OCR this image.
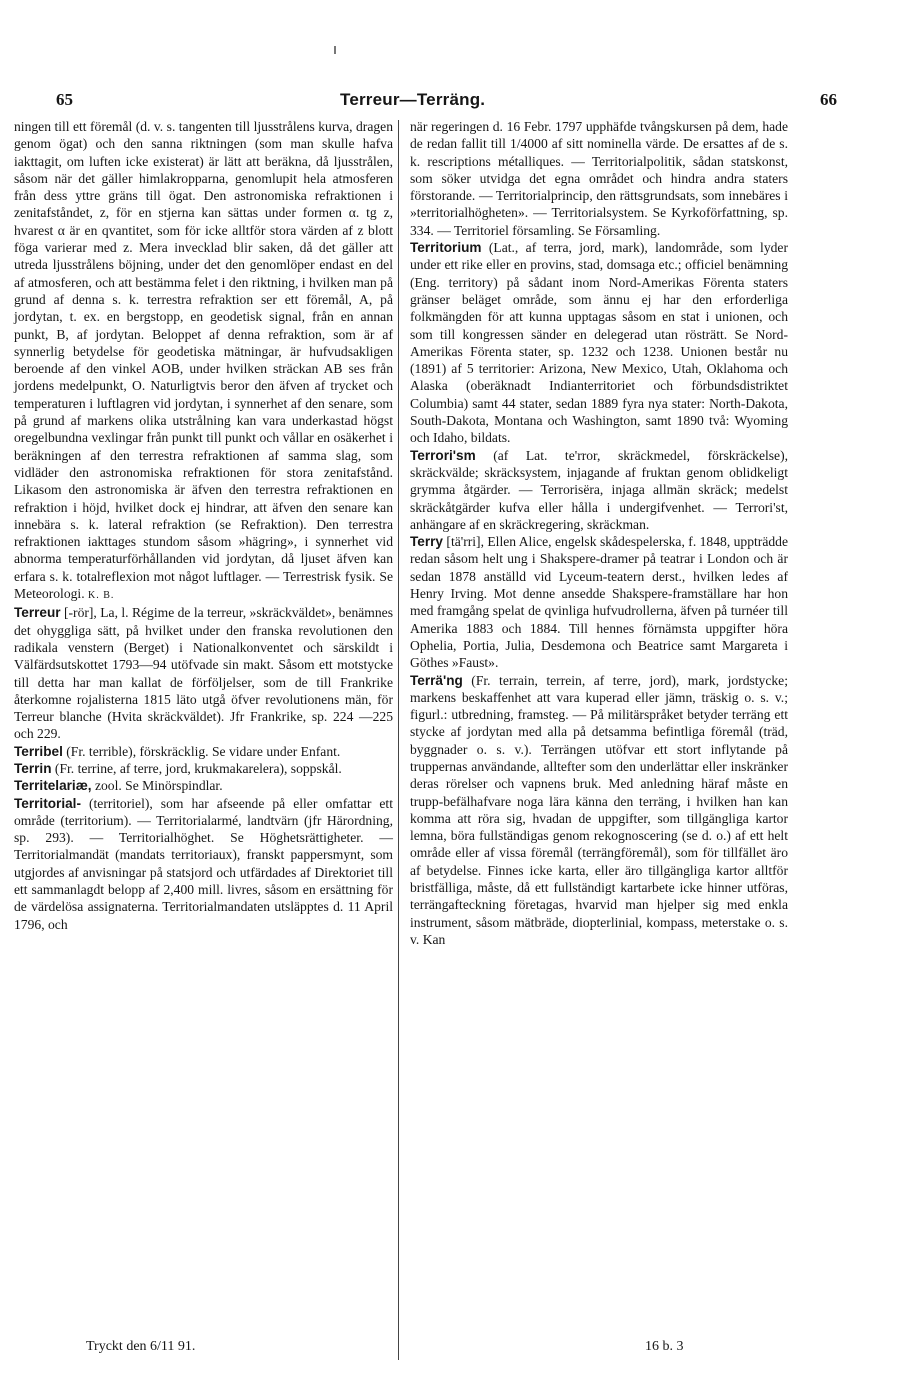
65	Terreur—Terräng.	66

ningen till ett föremål (d. v. s. tangenten till ljusstrålens kurva, dragen genom ögat) och den sanna riktningen (som man skulle hafva iakttagit, om luften icke existerat) är lätt att beräkna, då ljusstrålen, såsom när det gäller himlakropparna, genomlupit hela atmosferen från dess yttre gräns till ögat. Den astronomiska refraktionen i zenitafståndet, z, för en stjerna kan sättas under formen α. tg z, hvarest α är en qvantitet, som för icke alltför stora värden af z blott föga varierar med z. Mera invecklad blir saken, då det gäller att utreda ljusstrålens böjning, under det den genomlöper endast en del af atmosferen, och att bestämma felet i den riktning, i hvilken man på grund af denna s. k. terrestra refraktion ser ett föremål, A, på jordytan, t. ex. en bergstopp, en geodetisk signal, från en annan punkt, B, af jordytan. Beloppet af denna refraktion, som är af synnerlig betydelse för geodetiska mätningar, är hufvudsakligen beroende af den vinkel AOB, under hvilken sträckan AB ses från jordens medelpunkt, O. Naturligtvis beror den äfven af trycket och temperaturen i luftlagren vid jordytan, i synnerhet af den senare, som på grund af markens olika utstrålning kan vara underkastad högst oregelbundna vexlingar från punkt till punkt och vållar en osäkerhet i beräkningen af den terrestra refraktionen af samma slag, som vidläder den astronomiska refraktionen för stora zenitafstånd. Likasom den astronomiska är äfven den terrestra refraktionen en refraktion i höjd, hvilket dock ej hindrar, att äfven den senare kan innebära s. k. lateral refraktion (se Refraktion). Den terrestra refraktionen iakttages stundom såsom »hägring», i synnerhet vid abnorma temperaturförhållanden vid jordytan, då ljuset äfven kan erfara s. k. totalreflexion mot något luftlager. — Terrestrisk fysik. Se Meteorologi. K. B.

Terreur [-rör], La, l. Régime de la terreur, »skräckväldet», benämnes det ohyggliga sätt, på hvilket under den franska revolutionen den radikala venstern (Berget) i Nationalkonventet och särskildt i Välfärdsutskottet 1793—94 utöfvade sin makt. Såsom ett motstycke till detta har man kallat de förföljelser, som de till Frankrike återkomne rojalisterna 1815 läto utgå öfver revolutionens män, för Terreur blanche (Hvita skräckväldet). Jfr Frankrike, sp. 224 —225 och 229.

Terribel (Fr. terrible), förskräcklig. Se vidare under Enfant.

Terrin (Fr. terrine, af terre, jord, krukmakarelera), soppskål.

Territelariæ, zool. Se Minörspindlar.

Territorial- (territoriel), som har afseende på eller omfattar ett område (territorium). — Territorialarmé, landtvärn (jfr Härordning, sp. 293). — Territorialhöghet. Se Höghetsrättigheter. — Territorialmandät (mandats territoriaux), franskt pappersmynt, som utgjordes af anvisningar på statsjord och utfärdades af Direktoriet till ett sammanlagdt belopp af 2,400 mill. livres, såsom en ersättning för de värdelösa assignaterna. Territorialmandaten utsläpptes d. 11 April 1796, och

när regeringen d. 16 Febr. 1797 upphäfde tvångskursen på dem, hade de redan fallit till 1/4000 af sitt nominella värde. De ersattes af de s. k. rescriptions métalliques. — Territorialpolitik, sådan statskonst, som söker utvidga det egna området och hindra andra staters förstorande. — Territorialprincip, den rättsgrundsats, som innebäres i »territorialhögheten». — Territorialsystem. Se Kyrkoförfattning, sp. 334. — Territoriel församling. Se Församling.

Territorium (Lat., af terra, jord, mark), landområde, som lyder under ett rike eller en provins, stad, domsaga etc.; officiel benämning (Eng. territory) på sådant inom Nord-Amerikas Förenta staters gränser beläget område, som ännu ej har den erforderliga folkmängden för att kunna upptagas såsom en stat i unionen, och som till kongressen sänder en delegerad utan rösträtt. Se Nord-Amerikas Förenta stater, sp. 1232 och 1238. Unionen består nu (1891) af 5 territorier: Arizona, New Mexico, Utah, Oklahoma och Alaska (oberäknadt Indianterritoriet och förbundsdistriktet Columbia) samt 44 stater, sedan 1889 fyra nya stater: North-Dakota, South-Dakota, Montana och Washington, samt 1890 två: Wyoming och Idaho, bildats.

Terrori'sm (af Lat. te'rror, skräckmedel, förskräckelse), skräckvälde; skräcksystem, injagande af fruktan genom oblidkeligt grymma åtgärder. — Terrorisëra, injaga allmän skräck; medelst skräckåtgärder kufva eller hålla i undergifvenhet. — Terrori'st, anhängare af en skräckregering, skräckman.

Terry [tä'rri], Ellen Alice, engelsk skådespelerska, f. 1848, uppträdde redan såsom helt ung i Shakspere-dramer på teatrar i London och är sedan 1878 anställd vid Lyceum-teatern derst., hvilken ledes af Henry Irving. Mot denne ansedde Shakspere-framställare har hon med framgång spelat de qvinliga hufvudrollerna, äfven på turnéer till Amerika 1883 och 1884. Till hennes förnämsta uppgifter höra Ophelia, Portia, Julia, Desdemona och Beatrice samt Margareta i Göthes »Faust».

Terrä'ng (Fr. terrain, terrein, af terre, jord), mark, jordstycke; markens beskaffenhet att vara kuperad eller jämn, träskig o. s. v.; figurl.: utbredning, framsteg. — På militärspråket betyder terräng ett stycke af jordytan med alla på detsamma befintliga föremål (träd, byggnader o. s. v.). Terrängen utöfvar ett stort inflytande på truppernas användande, alltefter som den underlättar eller inskränker deras rörelser och vapnens bruk. Med anledning häraf måste en trupp-befälhafvare noga lära känna den terräng, i hvilken han kan komma att röra sig, hvadan de uppgifter, som tillgängliga kartor lemna, böra fullständigas genom rekognoscering (se d. o.) af ett helt område eller af vissa föremål (terrängföremål), som för tillfället äro af betydelse. Finnes icke karta, eller äro tillgängliga kartor alltför bristfälliga, måste, då ett fullständigt kartarbete icke hinner utföras, terrängafteckning företagas, hvarvid man hjelper sig med enkla instrument, såsom mätbräde, diopterlinial, kompass, meterstake o. s. v. Kan

Tryckt den 6/11 91.	16 b. 3
